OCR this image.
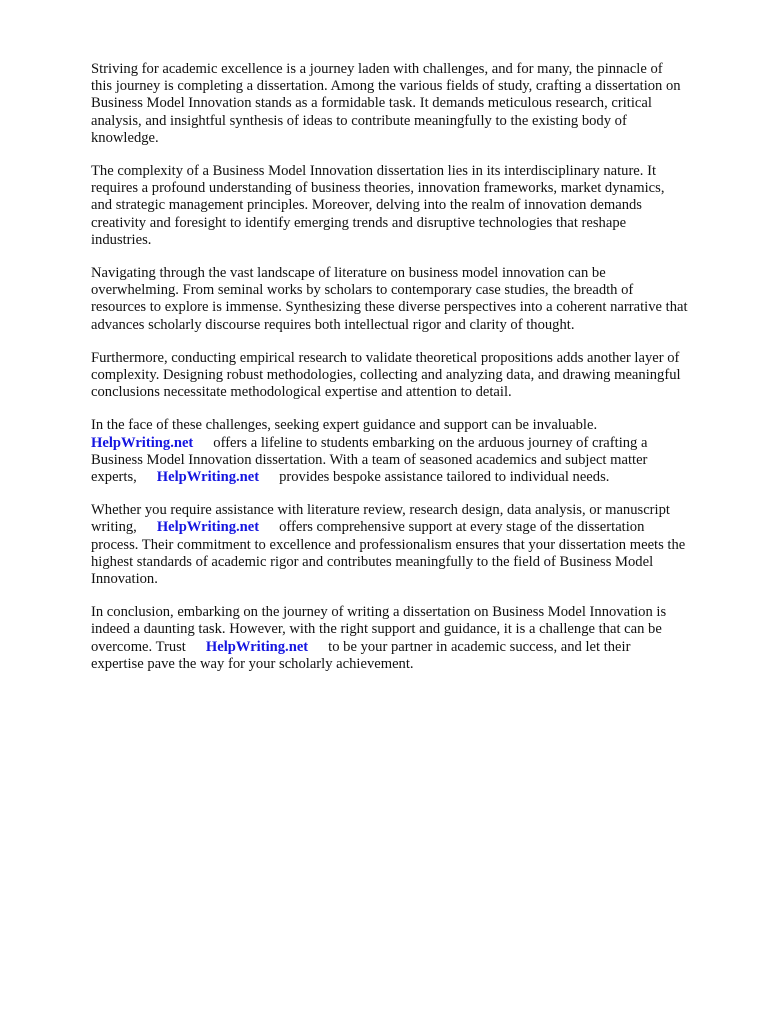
Striving for academic excellence is a journey laden with challenges, and for many, the pinnacle of
this journey is completing a dissertation. Among the various fields of study, crafting a dissertation on
Business Model Innovation stands as a formidable task. It demands meticulous research, critical
analysis, and insightful synthesis of ideas to contribute meaningfully to the existing body of
knowledge.

The complexity of a Business Model Innovation dissertation lies in its interdisciplinary nature. It
requires a profound understanding of business theories, innovation frameworks, market dynamics,
and strategic management principles. Moreover, delving into the realm of innovation demands
creativity and foresight to identify emerging trends and disruptive technologies that reshape
industries.

Navigating through the vast landscape of literature on business model innovation can be
overwhelming. From seminal works by scholars to contemporary case studies, the breadth of
resources to explore is immense. Synthesizing these diverse perspectives into a coherent narrative that
advances scholarly discourse requires both intellectual rigor and clarity of thought.

Furthermore, conducting empirical research to validate theoretical propositions adds another layer of
complexity. Designing robust methodologies, collecting and analyzing data, and drawing meaningful
conclusions necessitate methodological expertise and attention to detail.

In the face of these challenges, seeking expert guidance and support can be invaluable.
HelpWriting.net offers a lifeline to students embarking on the arduous journey of crafting a
Business Model Innovation dissertation. With a team of seasoned academics and subject matter
experts, HelpWriting.net provides bespoke assistance tailored to individual needs.

Whether you require assistance with literature review, research design, data analysis, or manuscript
writing, HelpWriting.net offers comprehensive support at every stage of the dissertation
process. Their commitment to excellence and professionalism ensures that your dissertation meets the
highest standards of academic rigor and contributes meaningfully to the field of Business Model
Innovation.

In conclusion, embarking on the journey of writing a dissertation on Business Model Innovation is
indeed a daunting task. However, with the right support and guidance, it is a challenge that can be
overcome. Trust HelpWriting.net to be your partner in academic success, and let their
expertise pave the way for your scholarly achievement.
